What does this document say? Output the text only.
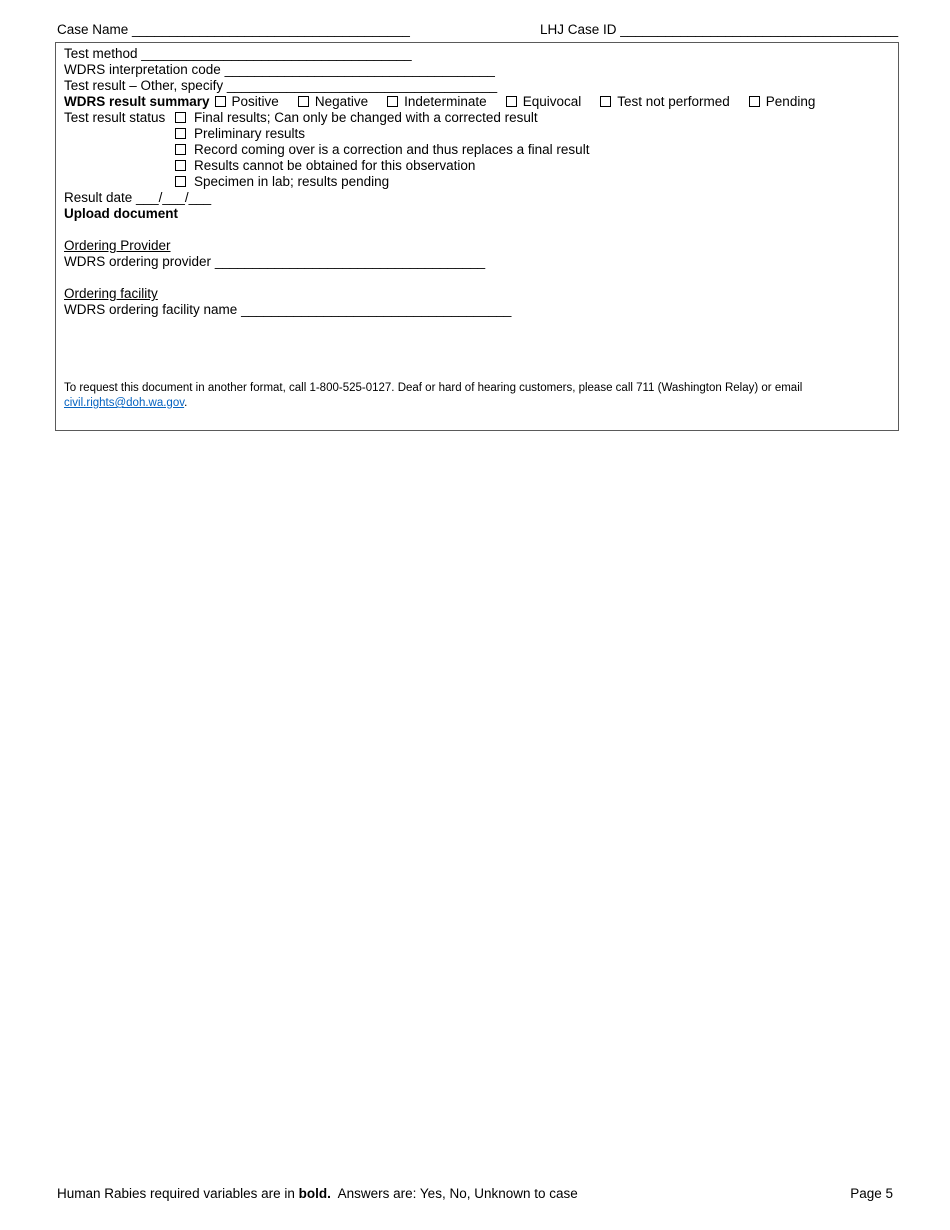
Case Name _____________________________________	LHJ Case ID _____________________________________
Test method ____________________________________
WDRS interpretation code ____________________________________
Test result – Other, specify ____________________________________
WDRS result summary Positive	Negative	Indeterminate	Equivocal	Test not performed	Pending
Test result status	Final results; Can only be changed with a corrected result
Preliminary results
Record coming over is a correction and thus replaces a final result
Results cannot be obtained for this observation
Specimen in lab; results pending
Result date ___/___/___
Upload document
Ordering Provider
WDRS ordering provider ____________________________________
Ordering facility
WDRS ordering facility name ____________________________________
To request this document in another format, call 1-800-525-0127. Deaf or hard of hearing customers, please call 711 (Washington Relay) or email civil.rights@doh.wa.gov.
Human Rabies required variables are in bold.  Answers are: Yes, No, Unknown to case	Page 5
